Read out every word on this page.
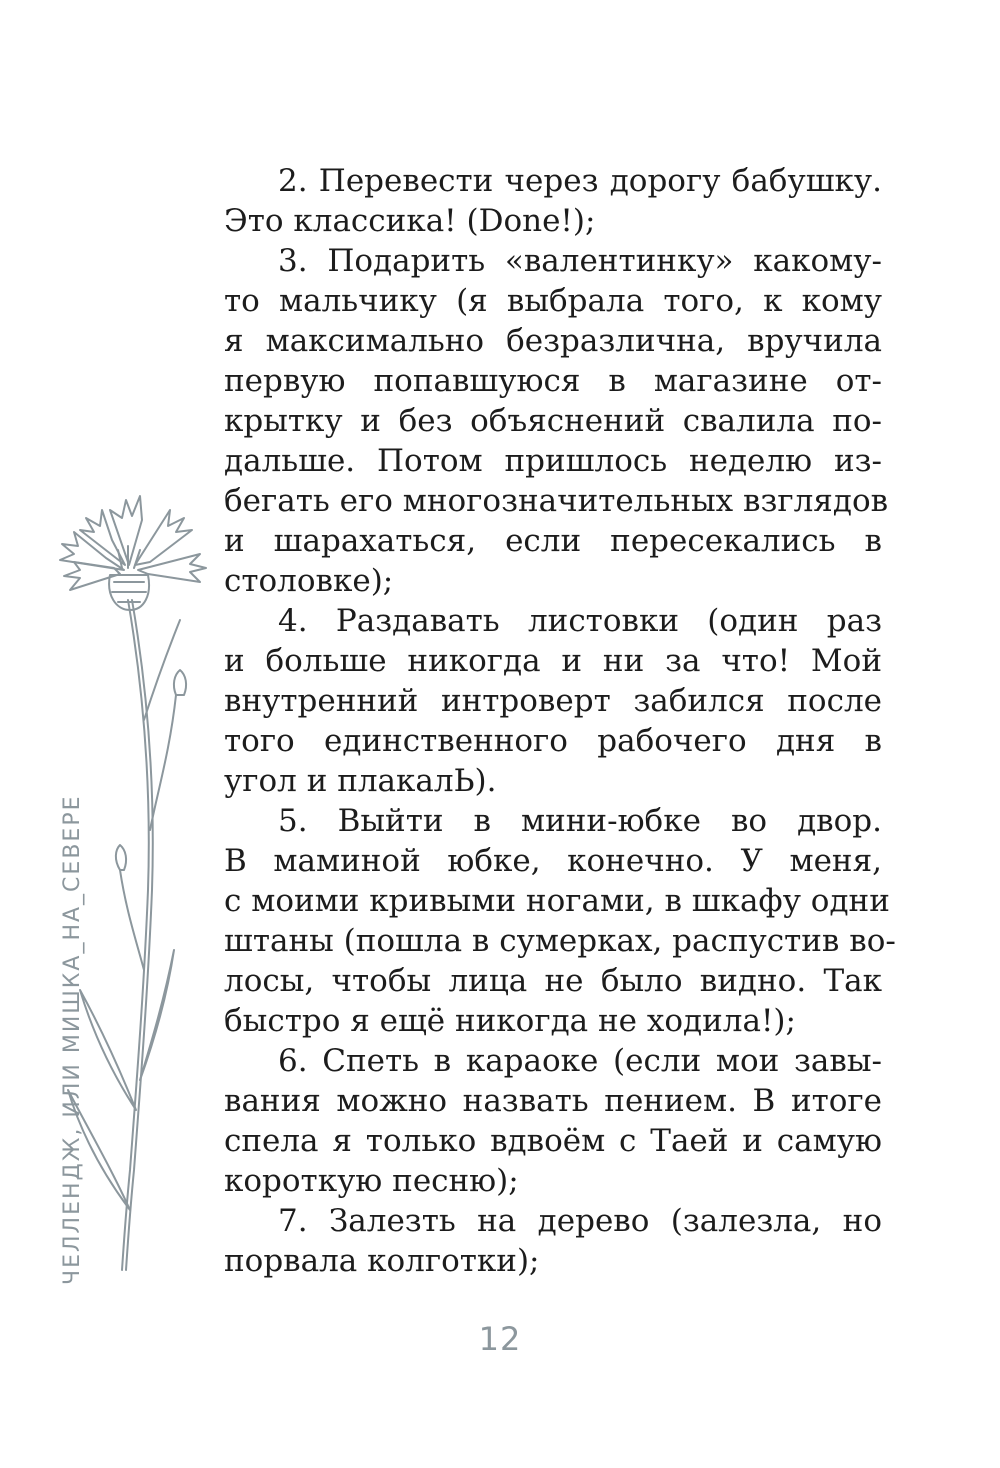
ЧЕЛЛЕНДЖ, ИЛИ МИШКА_НА_СЕВЕРЕ
2. Перевести через дорогу бабушку.
Это классика! (Done!);
3. Подарить «валентинку» какому-
то мальчику (я выбрала того, к кому
я максимально безразлична, вручила
первую попавшуюся в магазине от-
крытку и без объяснений свалила по-
дальше. Потом пришлось неделю из-
бегать его многозначительных взглядов
и шарахаться, если пересекались в
столовке);
4. Раздавать листовки (один раз
и больше никогда и ни за что! Мой
внутренний интроверт забился после
того единственного рабочего дня в
угол и плакалЬ).
5. Выйти в мини-юбке во двор.
В маминой юбке, конечно. У меня,
с моими кривыми ногами, в шкафу одни
штаны (пошла в сумерках, распустив во-
лосы, чтобы лица не было видно. Так
быстро я ещё никогда не ходила!);
6. Спеть в караоке (если мои завы-
вания можно назвать пением. В итоге
спела я только вдвоём с Таей и самую
короткую песню);
7. Залезть на дерево (залезла, но
порвала колготки);
12
